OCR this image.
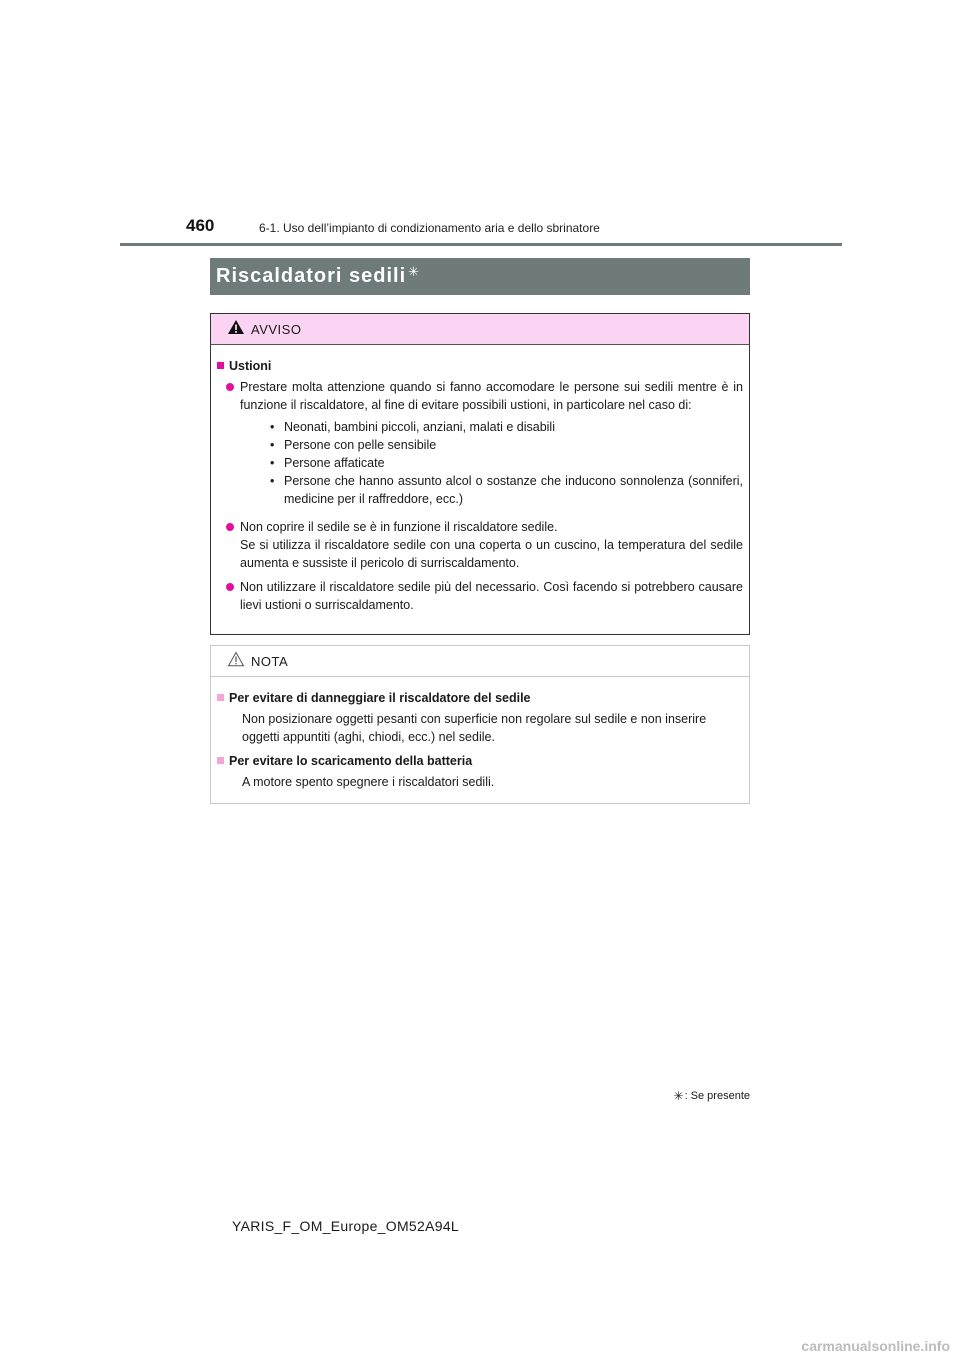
460	6-1. Uso dell’impianto di condizionamento aria e dello sbrinatore
Riscaldatori sedili ✳
AVVISO
Ustioni
Prestare molta attenzione quando si fanno accomodare le persone sui sedili mentre è in funzione il riscaldatore, al fine di evitare possibili ustioni, in particolare nel caso di:
• Neonati, bambini piccoli, anziani, malati e disabili
• Persone con pelle sensibile
• Persone affaticate
• Persone che hanno assunto alcol o sostanze che inducono sonnolenza (sonniferi, medicine per il raffreddore, ecc.)
Non coprire il sedile se è in funzione il riscaldatore sedile.
Se si utilizza il riscaldatore sedile con una coperta o un cuscino, la temperatura del sedile aumenta e sussiste il pericolo di surriscaldamento.
Non utilizzare il riscaldatore sedile più del necessario. Così facendo si potrebbero causare lievi ustioni o surriscaldamento.
NOTA
Per evitare di danneggiare il riscaldatore del sedile
Non posizionare oggetti pesanti con superficie non regolare sul sedile e non inserire oggetti appuntiti (aghi, chiodi, ecc.) nel sedile.
Per evitare lo scaricamento della batteria
A motore spento spegnere i riscaldatori sedili.
✳ : Se presente
YARIS_F_OM_Europe_OM52A94L
carmanualsonline.info
